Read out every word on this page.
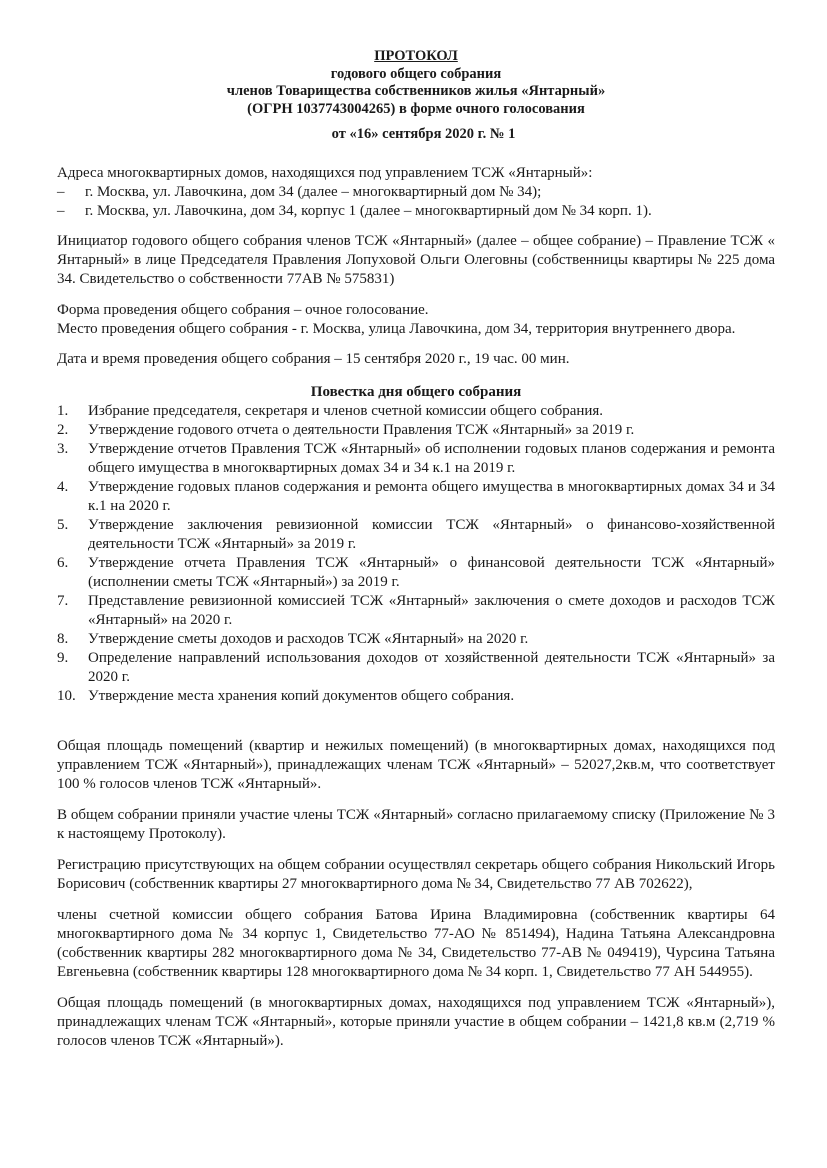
ПРОТОКОЛ
годового общего собрания
членов Товарищества собственников жилья «Янтарный»
(ОГРН 1037743004265) в форме очного голосования
от «16» сентября 2020 г. № 1

Адреса многоквартирных домов, находящихся под управлением ТСЖ «Янтарный»:

–	г. Москва, ул. Лавочкина, дом 34 (далее – многоквартирный дом № 34);
–	г. Москва, ул. Лавочкина, дом 34, корпус 1 (далее – многоквартирный дом № 34 корп. 1).

Инициатор годового общего собрания членов ТСЖ «Янтарный» (далее – общее собрание) – Правление ТСЖ « Янтарный» в лице Председателя Правления Лопуховой Ольги Олеговны (собственницы квартиры № 225 дома 34. Свидетельство о собственности 77АВ № 575831)

Форма проведения общего собрания – очное голосование.

Место проведения общего собрания - г. Москва, улица Лавочкина, дом 34, территория внутреннего двора.

Дата и время проведения общего собрания – 15 сентября 2020 г., 19 час. 00 мин.

Повестка дня общего собрания
1.	Избрание председателя, секретаря и членов счетной комиссии общего собрания.
2.	Утверждение годового отчета о деятельности Правления ТСЖ «Янтарный» за 2019 г.
3.	Утверждение отчетов Правления ТСЖ «Янтарный» об исполнении годовых планов содержания и ремонта общего имущества в многоквартирных домах 34 и 34 к.1 на 2019 г.
4.	Утверждение годовых планов содержания и ремонта общего имущества в многоквартирных домах 34 и 34 к.1 на 2020 г.
5.	Утверждение заключения ревизионной комиссии ТСЖ «Янтарный» о финансово-хозяйственной деятельности ТСЖ «Янтарный» за 2019 г.
6.	Утверждение отчета Правления ТСЖ «Янтарный» о финансовой деятельности ТСЖ «Янтарный» (исполнении сметы ТСЖ «Янтарный») за 2019 г.
7.	Представление ревизионной комиссией ТСЖ «Янтарный» заключения о смете доходов и расходов ТСЖ «Янтарный» на 2020 г.
8.	Утверждение сметы доходов и расходов ТСЖ «Янтарный» на 2020 г.
9.	Определение направлений использования доходов от хозяйственной деятельности ТСЖ «Янтарный» за 2020 г.
10. Утверждение места хранения копий документов общего собрания.

Общая площадь помещений (квартир и нежилых помещений) (в многоквартирных домах, находящихся под управлением ТСЖ «Янтарный»), принадлежащих членам ТСЖ «Янтарный» – 52027,2кв.м, что соответствует 100 % голосов членов ТСЖ «Янтарный».

В общем собрании приняли участие члены ТСЖ «Янтарный» согласно прилагаемому списку (Приложение № 3 к настоящему Протоколу).

Регистрацию присутствующих на общем собрании осуществлял секретарь общего собрания Никольский Игорь Борисович (собственник квартиры 27 многоквартирного дома № 34, Свидетельство 77 АВ 702622),

члены счетной комиссии общего собрания Батова Ирина Владимировна (собственник квартиры 64 многоквартирного дома № 34 корпус 1, Свидетельство 77-АО № 851494), Надина Татьяна Александровна (собственник квартиры 282 многоквартирного дома № 34, Свидетельство 77-АВ № 049419), Чурсина Татьяна Евгеньевна (собственник квартиры 128 многоквартирного дома № 34 корп. 1, Свидетельство 77 АН 544955).

Общая площадь помещений (в многоквартирных домах, находящихся под управлением ТСЖ «Янтарный»), принадлежащих членам ТСЖ «Янтарный», которые приняли участие в общем собрании – 1421,8 кв.м (2,719 % голосов членов ТСЖ «Янтарный»).
